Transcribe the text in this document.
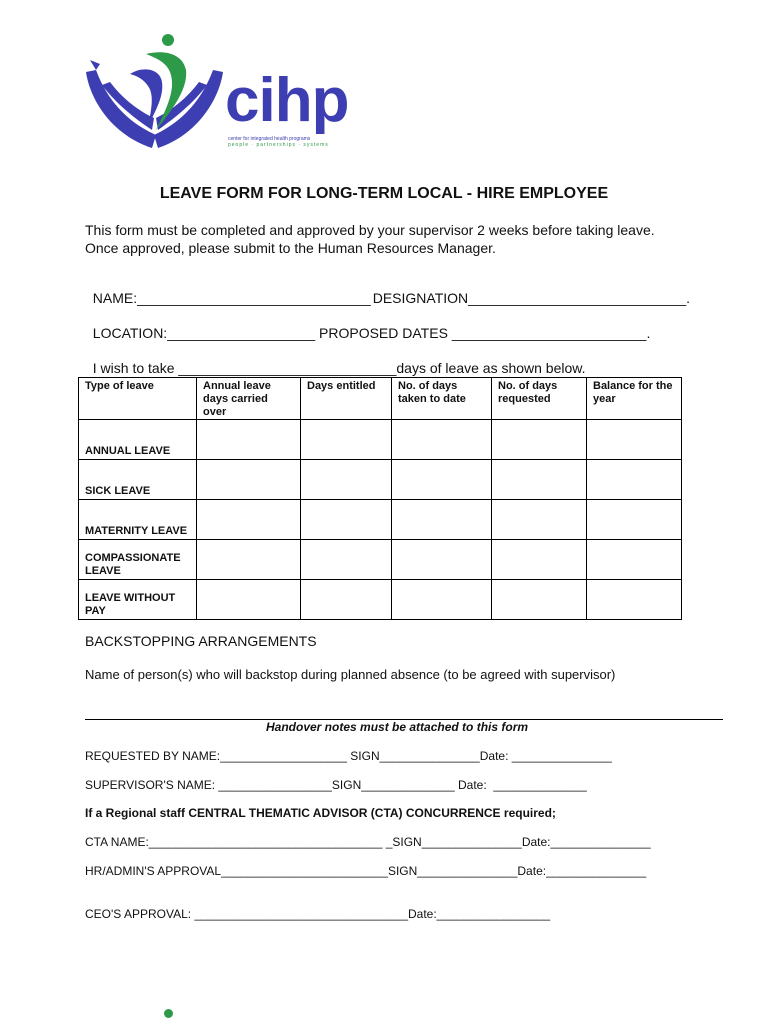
cihp
center for integrated health programs
people · partnerships · systems
LEAVE FORM FOR LONG-TERM LOCAL - HIRE EMPLOYEE
This form must be completed and approved by your supervisor 2 weeks before taking leave.
Once approved, please submit to the Human Resources Manager.

NAME:______________________________ DESIGNATION____________________________.

LOCATION:___________________ PROPOSED DATES _________________________.

I wish to take ____________________________days of leave as shown below.

Type of leave	Annual leave days carried over	Days entitled	No. of days taken to date	No. of days requested	Balance for the year
ANNUAL LEAVE					
SICK LEAVE					
MATERNITY LEAVE					
COMPASSIONATE LEAVE					
LEAVE WITHOUT PAY					
BACKSTOPPING ARRANGEMENTS
Name of person(s) who will backstop during planned absence (to be agreed with supervisor)
Handover notes must be attached to this form
REQUESTED BY NAME:___________________ SIGN_______________Date: _______________
SUPERVISOR'S NAME: _________________SIGN______________ Date:  ______________
If a Regional staff CENTRAL THEMATIC ADVISOR (CTA) CONCURRENCE required;
CTA NAME:___________________________________ _SIGN_______________Date:_______________
HR/ADMIN'S APPROVAL_________________________SIGN_______________Date:_______________
CEO'S APPROVAL: ________________________________Date:_________________
